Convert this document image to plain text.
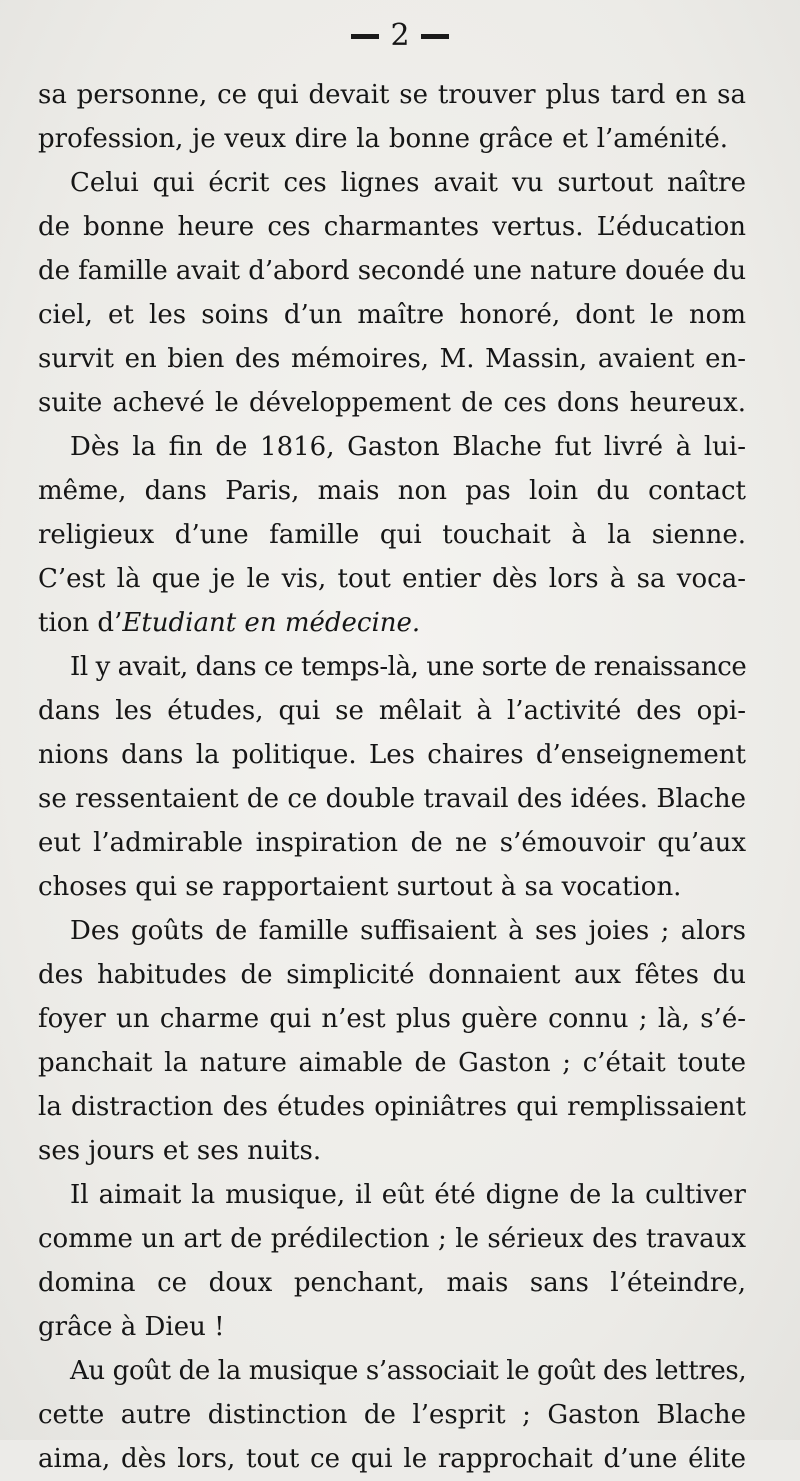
2

sa personne, ce qui devait se trouver plus tard en sa

profession, je veux dire la bonne grâce et l’aménité.

Celui qui écrit ces lignes avait vu surtout naître

de bonne heure ces charmantes vertus. L’éducation

de famille avait d’abord secondé une nature douée du

ciel, et les soins d’un maître honoré, dont le nom

survit en bien des mémoires, M. Massin, avaient en-

suite achevé le développement de ces dons heureux.

Dès la fin de 1816, Gaston Blache fut livré à lui-

même, dans Paris, mais non pas loin du contact

religieux d’une famille qui touchait à la sienne.

C’est là que je le vis, tout entier dès lors à sa voca-

tion d’Etudiant en médecine.

Il y avait, dans ce temps-là, une sorte de renaissance

dans les études, qui se mêlait à l’activité des opi-

nions dans la politique. Les chaires d’enseignement

se ressentaient de ce double travail des idées. Blache

eut l’admirable inspiration de ne s’émouvoir qu’aux

choses qui se rapportaient surtout à sa vocation.

Des goûts de famille suffisaient à ses joies ; alors

des habitudes de simplicité donnaient aux fêtes du

foyer un charme qui n’est plus guère connu ; là, s’é-

panchait la nature aimable de Gaston ; c’était toute

la distraction des études opiniâtres qui remplissaient

ses jours et ses nuits.

Il aimait la musique, il eût été digne de la cultiver

comme un art de prédilection ; le sérieux des travaux

domina ce doux penchant, mais sans l’éteindre,

grâce à Dieu !

Au goût de la musique s’associait le goût des lettres,

cette autre distinction de l’esprit ; Gaston Blache

aima, dès lors, tout ce qui le rapprochait d’une élite
